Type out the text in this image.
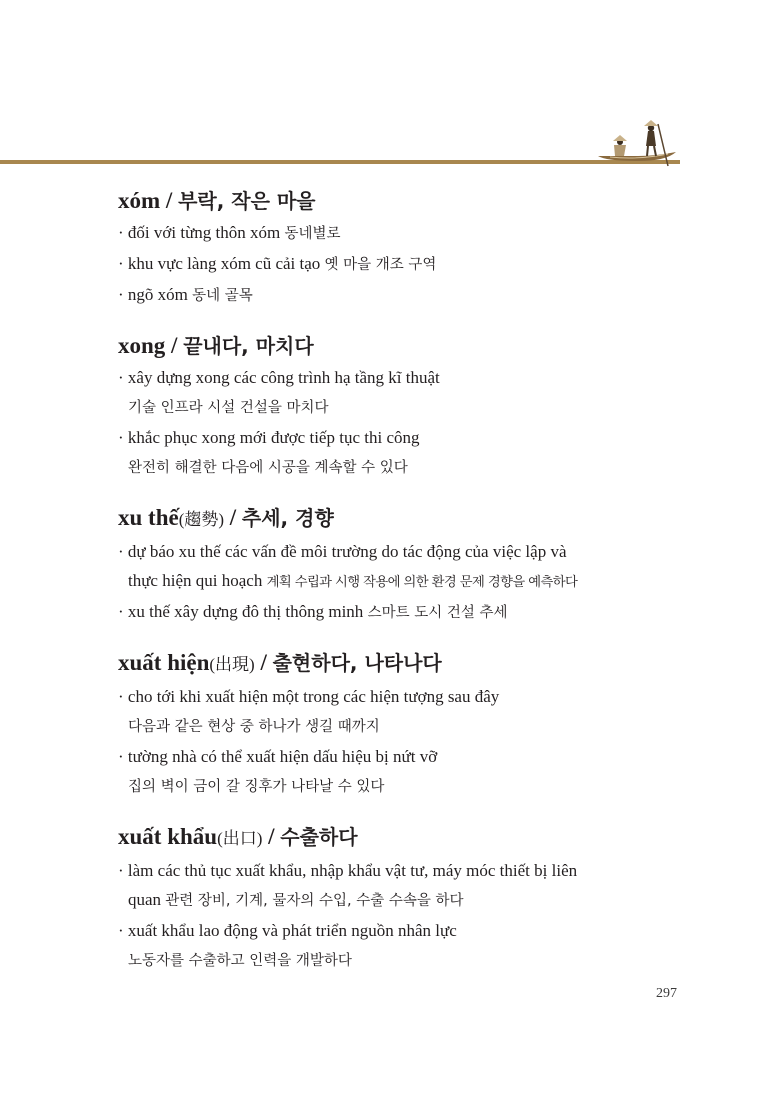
xóm / 부락, 작은 마을
· đối với từng thôn xóm 동네별로
· khu vực làng xóm cũ cải tạo 옛 마을 개조 구역
· ngõ xóm 동네 골목
xong / 끝내다, 마치다
· xây dựng xong các công trình hạ tầng kĩ thuật
기술 인프라 시설 건설을 마치다
· khắc phục xong mới được tiếp tục thi công
완전히 해결한 다음에 시공을 계속할 수 있다
xu thế(趨勢) / 추세, 경향
· dự báo xu thế các vấn đề môi trường do tác động của việc lập và
thực hiện qui hoạch 계획 수립과 시행 작용에 의한 환경 문제 경향을 예측하다
· xu thế xây dựng đô thị thông minh 스마트 도시 건설 추세
xuất hiện(出現) / 출현하다, 나타나다
· cho tới khi xuất hiện một trong các hiện tượng sau đây
다음과 같은 현상 중 하나가 생길 때까지
· tường nhà có thể xuất hiện dấu hiệu bị nứt vỡ
집의 벽이 금이 갈 징후가 나타날 수 있다
xuất khẩu(出口) / 수출하다
· làm các thủ tục xuất khẩu, nhập khẩu vật tư, máy móc thiết bị liên
quan 관련 장비, 기계, 물자의 수입, 수출 수속을 하다
· xuất khẩu lao động và phát triển nguồn nhân lực
노동자를 수출하고 인력을 개발하다
297
